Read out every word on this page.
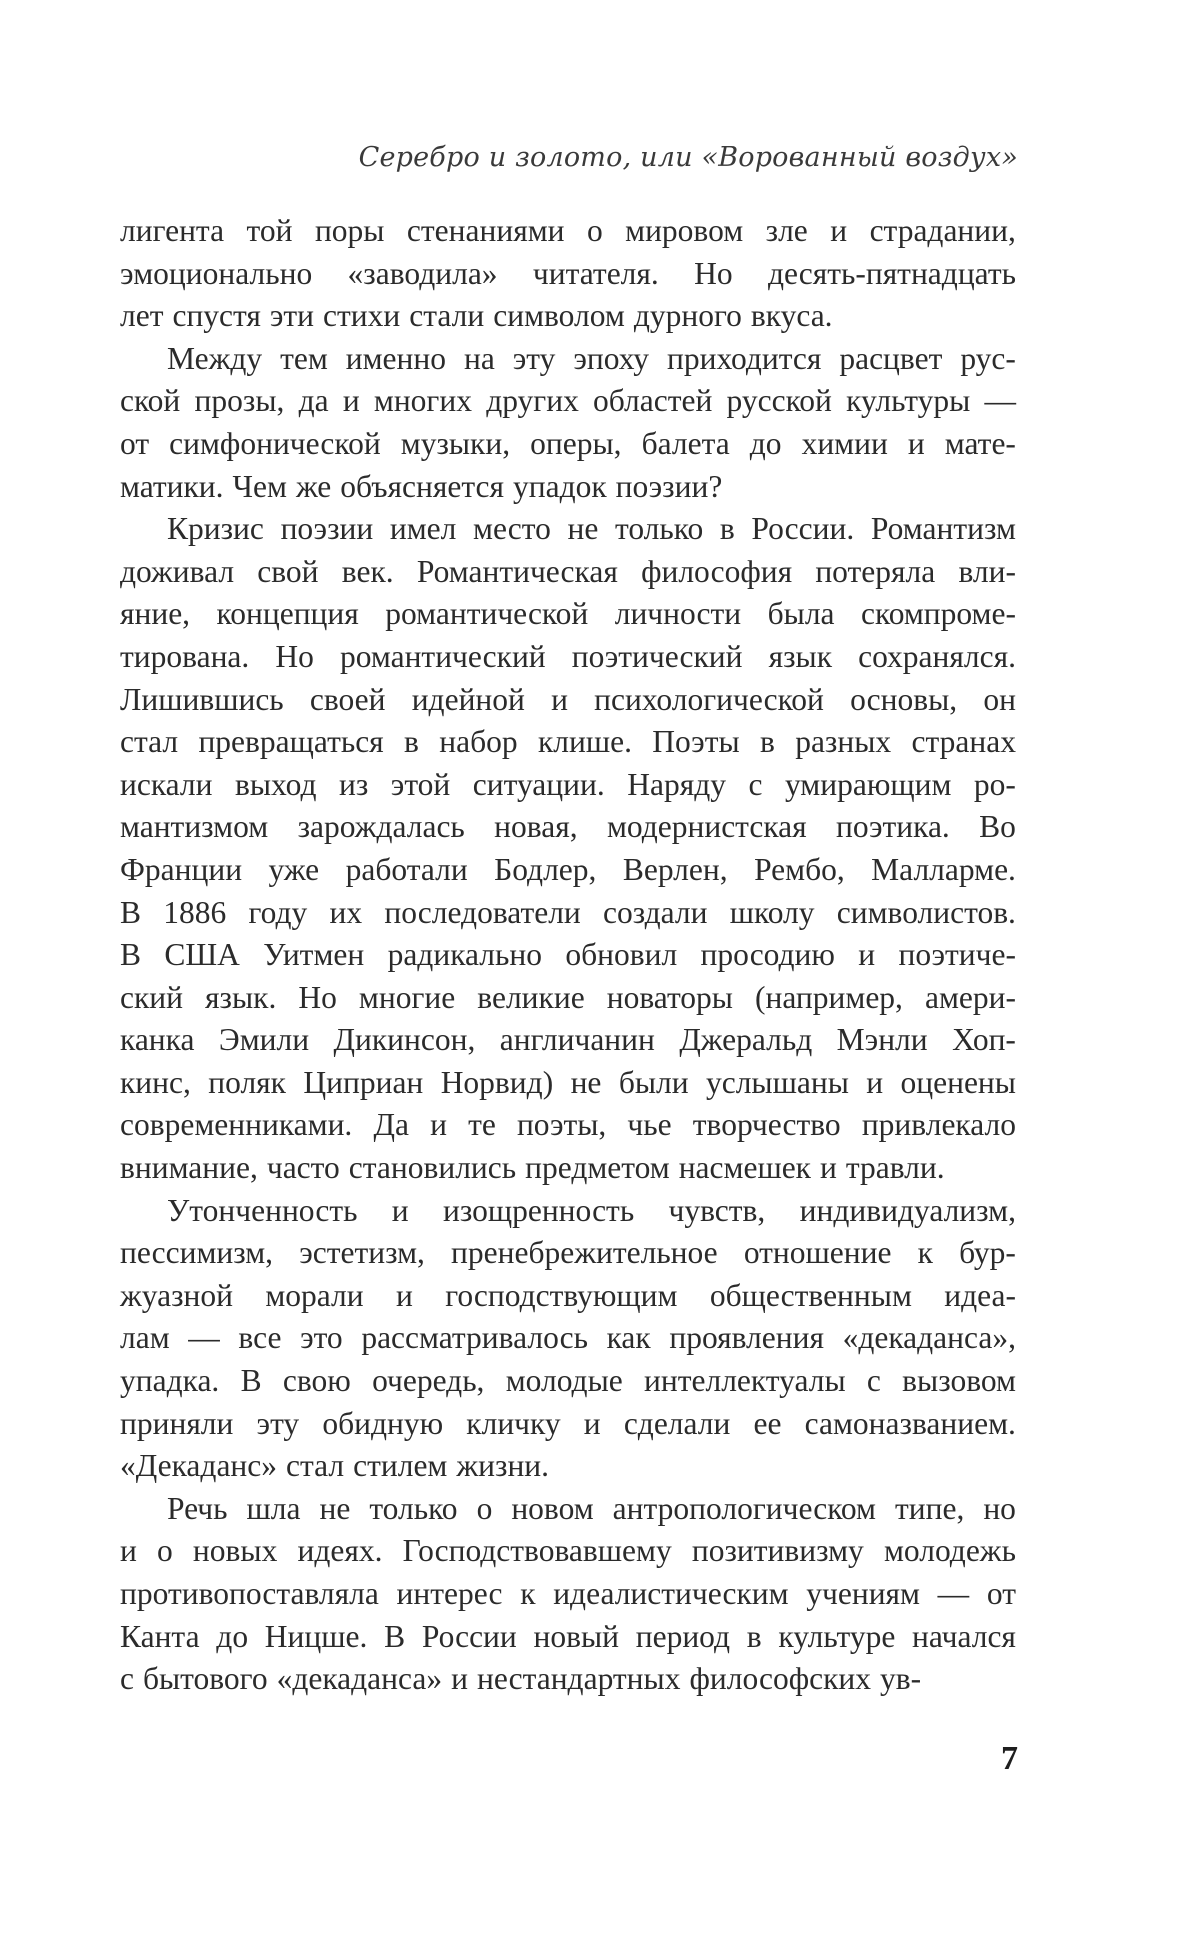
Серебро и золото, или «Ворованный воздух»
лигента той поры стенаниями о мировом зле и страдании,
эмоционально «заводила» читателя. Но десять-пятнадцать
лет спустя эти стихи стали символом дурного вкуса.
Между тем именно на эту эпоху приходится расцвет рус-
ской прозы, да и многих других областей русской культуры —
от симфонической музыки, оперы, балета до химии и мате-
матики. Чем же объясняется упадок поэзии?
Кризис поэзии имел место не только в России. Романтизм
доживал свой век. Романтическая философия потеряла вли-
яние, концепция романтической личности была скомпроме-
тирована. Но романтический поэтический язык сохранялся.
Лишившись своей идейной и психологической основы, он
стал превращаться в набор клише. Поэты в разных странах
искали выход из этой ситуации. Наряду с умирающим ро-
мантизмом зарождалась новая, модернистская поэтика. Во
Франции уже работали Бодлер, Верлен, Рембо, Малларме.
В 1886 году их последователи создали школу символистов.
В США Уитмен радикально обновил просодию и поэтиче-
ский язык. Но многие великие новаторы (например, амери-
канка Эмили Дикинсон, англичанин Джеральд Мэнли Хоп-
кинс, поляк Циприан Норвид) не были услышаны и оценены
современниками. Да и те поэты, чье творчество привлекало
внимание, часто становились предметом насмешек и травли.
Утонченность и изощренность чувств, индивидуализм,
пессимизм, эстетизм, пренебрежительное отношение к бур-
жуазной морали и господствующим общественным идеа-
лам — все это рассматривалось как проявления «декаданса»,
упадка. В свою очередь, молодые интеллектуалы с вызовом
приняли эту обидную кличку и сделали ее самоназванием.
«Декаданс» стал стилем жизни.
Речь шла не только о новом антропологическом типе, но
и о новых идеях. Господствовавшему позитивизму молодежь
противопоставляла интерес к идеалистическим учениям — от
Канта до Ницше. В России новый период в культуре начался
с бытового «декаданса» и нестандартных философских ув-
7
